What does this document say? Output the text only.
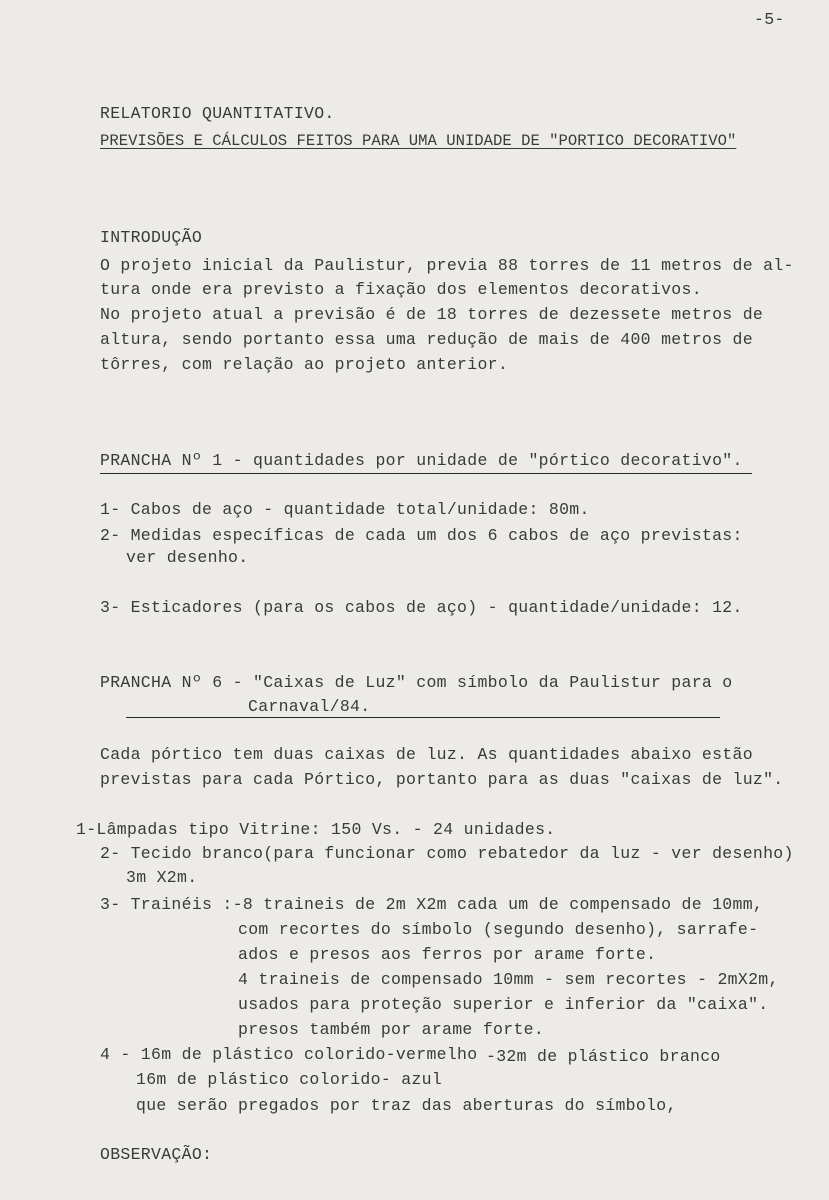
-5-
RELATORIO QUANTITATIVO.
PREVISÕES E CÁLCULOS FEITOS PARA UMA UNIDADE DE "PORTICO DECORATIVO"
INTRODUÇÃO
O projeto inicial da Paulistur, previa 88 torres de 11 metros de al-
tura onde era previsto a fixação dos elementos decorativos.
No projeto atual a previsão é de 18 torres de dezessete metros de
altura, sendo portanto essa uma redução de mais de 400 metros de
tôrres, com relação ao projeto anterior.
PRANCHA Nº 1 - quantidades por unidade de "pórtico decorativo".
1- Cabos de aço - quantidade total/unidade: 80m.
2- Medidas específicas de cada um dos 6 cabos de aço previstas:
ver desenho.
3- Esticadores (para os cabos de aço) - quantidade/unidade: 12.
PRANCHA Nº 6 - "Caixas de Luz" com símbolo da Paulistur para o
Carnaval/84.
Cada pórtico tem duas caixas de luz. As quantidades abaixo estão
previstas para cada Pórtico, portanto para as duas "caixas de luz".
1-Lâmpadas tipo Vitrine: 150 Vs. - 24 unidades.
2- Tecido branco(para funcionar como rebatedor da luz - ver desenho)
3m X2m.
3- Trainéis :-8 traineis de 2m X2m cada um de compensado de 10mm,
com recortes do símbolo (segundo desenho), sarrafe-
ados e presos aos ferros por arame forte.
4 traineis de compensado 10mm - sem recortes - 2mX2m,
usados para proteção superior e inferior da "caixa".
presos também por arame forte.
4 - 16m de plástico colorido-vermelho -32m de plástico branco
16m de plástico colorido- azul
que serão pregados por traz das aberturas do símbolo,
OBSERVAÇÃO:
